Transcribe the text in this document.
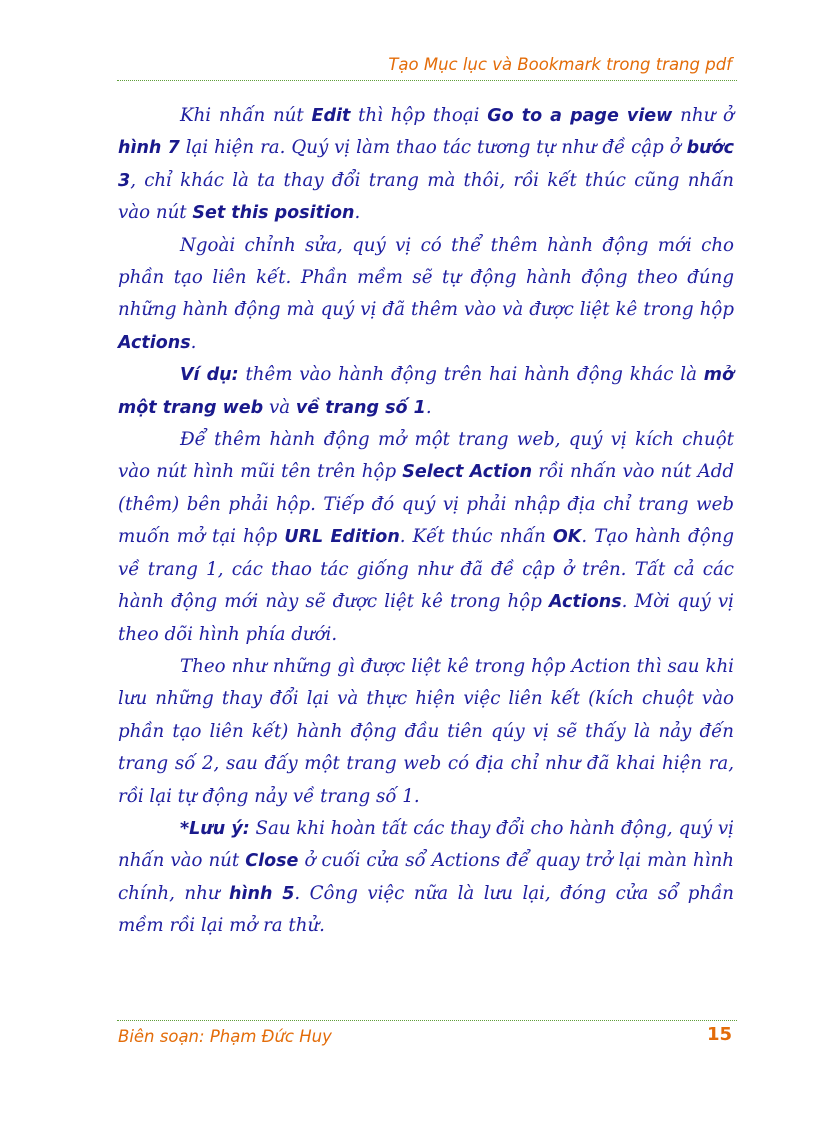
Tạo Mục lục và Bookmark trong trang pdf

Khi nhấn nút Edit thì hộp thoại Go to a page view như ở hình 7 lại hiện ra. Quý vị làm thao tác tương tự như đề cập ở bước 3, chỉ khác là ta thay đổi trang mà thôi, rồi kết thúc cũng nhấn vào nút Set this position.

Ngoài chỉnh sửa, quý vị có thể thêm hành động mới cho phần tạo liên kết. Phần mềm sẽ tự động hành động theo đúng những hành động mà quý vị đã thêm vào và được liệt kê trong hộp Actions.

Ví dụ: thêm vào hành động trên hai hành động khác là mở một trang web và về trang số 1.

Để thêm hành động mở một trang web, quý vị kích chuột vào nút hình mũi tên trên hộp Select Action rồi nhấn vào nút Add (thêm) bên phải hộp. Tiếp đó quý vị phải nhập địa chỉ trang web muốn mở tại hộp URL Edition. Kết thúc nhấn OK. Tạo hành động về trang 1, các thao tác giống như đã đề cập ở trên. Tất cả các hành động mới này sẽ được liệt kê trong hộp Actions. Mời quý vị theo dõi hình phía dưới.

Theo như những gì được liệt kê trong hộp Action thì sau khi lưu những thay đổi lại và thực hiện việc liên kết (kích chuột vào phần tạo liên kết) hành động đầu tiên qúy vị sẽ thấy là nảy đến trang số 2, sau đấy một trang web có địa chỉ như đã khai hiện ra, rồi lại tự động nảy về trang số 1.

*Lưu ý: Sau khi hoàn tất các thay đổi cho hành động, quý vị nhấn vào nút Close ở cuối cửa sổ Actions để quay trở lại màn hình chính, như hình 5. Công việc nữa là lưu lại, đóng cửa sổ phần mềm rồi lại mở ra thử.

Biên soạn: Phạm Đức Huy	15
